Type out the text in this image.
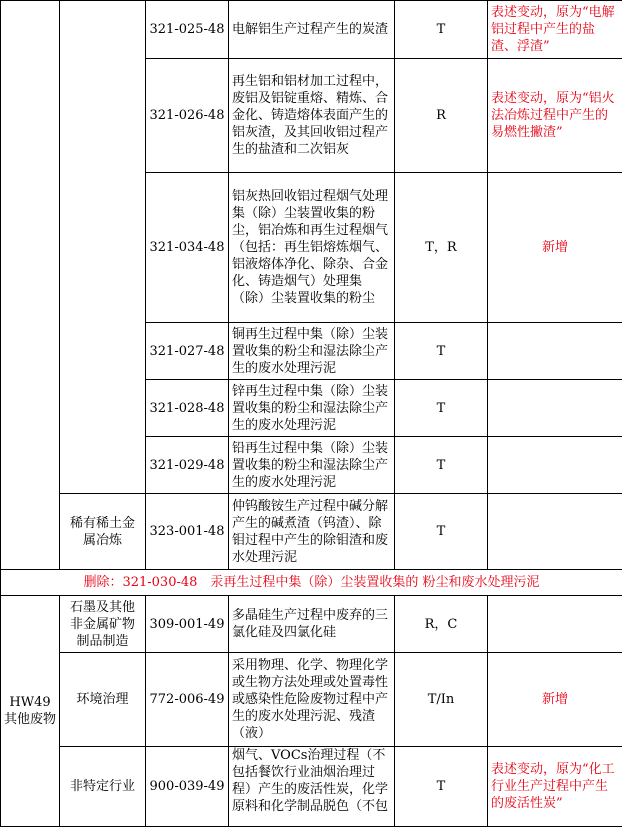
		321-025-48	电解铝生产过程产生的炭渣	T	表述变动，原为“电解铝过程中产生的盐渣、浮渣”
		321-026-48	再生铝和铝材加工过程中，废铝及铝锭重熔、精炼、合金化、铸造熔体表面产生的铝灰渣，及其回收铝过程产生的盐渣和二次铝灰	R	表述变动，原为“铝火法冶炼过程中产生的易燃性撇渣”
		321-034-48	铝灰热回收铝过程烟气处理集（除）尘装置收集的粉尘，铝冶炼和再生过程烟气（包括：再生铝熔炼烟气、铝液熔体净化、除杂、合金化、铸造烟气）处理集（除）尘装置收集的粉尘	T，R	新增
		321-027-48	铜再生过程中集（除）尘装置收集的粉尘和湿法除尘产生的废水处理污泥	T	
		321-028-48	锌再生过程中集（除）尘装置收集的粉尘和湿法除尘产生的废水处理污泥	T	
		321-029-48	铅再生过程中集（除）尘装置收集的粉尘和湿法除尘产生的废水处理污泥	T	
	稀有稀土金属冶炼	323-001-48	仲钨酸铵生产过程中碱分解产生的碱煮渣（钨渣）、除钼过程中产生的除钼渣和废水处理污泥	T	
删除：321-030-48　汞再生过程中集（除）尘装置收集的 粉尘和废水处理污泥					
HW49 其他废物	石墨及其他非金属矿物制品制造	309-001-49	多晶硅生产过程中废弃的三氯化硅及四氯化硅	R，C	
	环境治理	772-006-49	采用物理、化学、物理化学或生物方法处理或处置毒性或感染性危险废物过程中产生的废水处理污泥、残渣（液）	T/In	新增
	非特定行业	900-039-49	烟气、VOCs治理过程（不包括餐饮行业油烟治理过程）产生的废活性炭，化学原料和化学制品脱色（不包	T	表述变动，原为“化工行业生产过程中产生的废活性炭”
